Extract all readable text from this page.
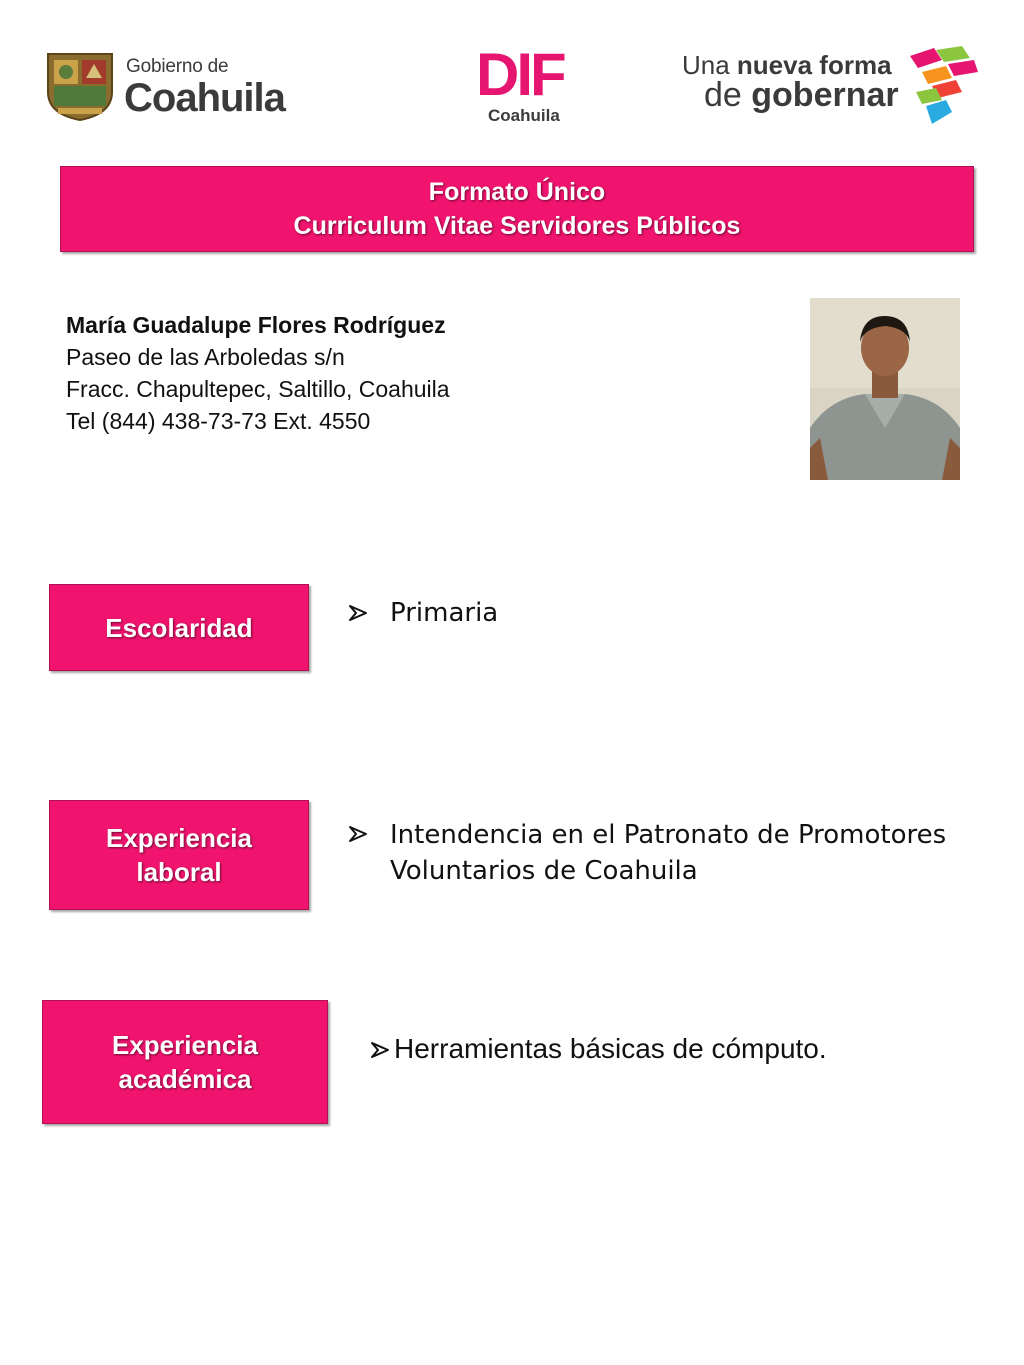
Gobierno de
Coahuila	DIF
Coahuila
Una nueva forma
de gobernar
Formato Único
Curriculum Vitae Servidores Públicos
María Guadalupe Flores Rodríguez
Paseo de las Arboledas s/n
Fracc. Chapultepec, Saltillo, Coahuila
Tel (844) 438-73-73 Ext. 4550
Escolaridad	Primaria
Experiencia
laboral
Intendencia en el Patronato de Promotores
Voluntarios de Coahuila
Experiencia
académica
Herramientas básicas de cómputo.
